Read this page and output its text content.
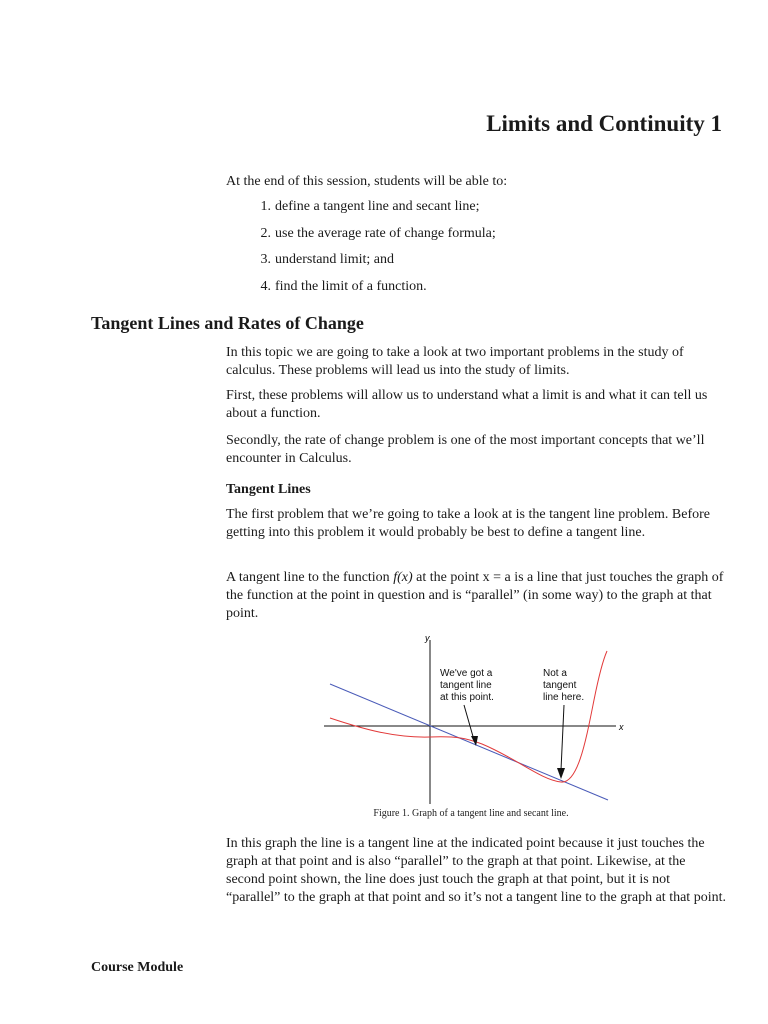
Limits and Continuity 1
At the end of this session, students will be able to:
1. define a tangent line and secant line;
2. use the average rate of change formula;
3. understand limit; and
4. find the limit of a function.
Tangent Lines and Rates of Change
In this topic we are going to take a look at two important problems in the study of calculus. These problems will lead us into the study of limits.
First, these problems will allow us to understand what a limit is and what it can tell us about a function.
Secondly, the rate of change problem is one of the most important concepts that we’ll encounter in Calculus.
Tangent Lines
The first problem that we’re going to take a look at is the tangent line problem. Before getting into this problem it would probably be best to define a tangent line.
A tangent line to the function f(x) at the point x = a is a line that just touches the graph of the function at the point in question and is “parallel” (in some way) to the graph at that point.
y
x
We've got a
tangent line
at this point.
Not a
tangent
line here.
Figure 1. Graph of a tangent line and secant line.
In this graph the line is a tangent line at the indicated point because it just touches the graph at that point and is also “parallel” to the graph at that point. Likewise, at the second point shown, the line does just touch the graph at that point, but it is not “parallel” to the graph at that point and so it’s not a tangent line to the graph at that point.
Course Module
